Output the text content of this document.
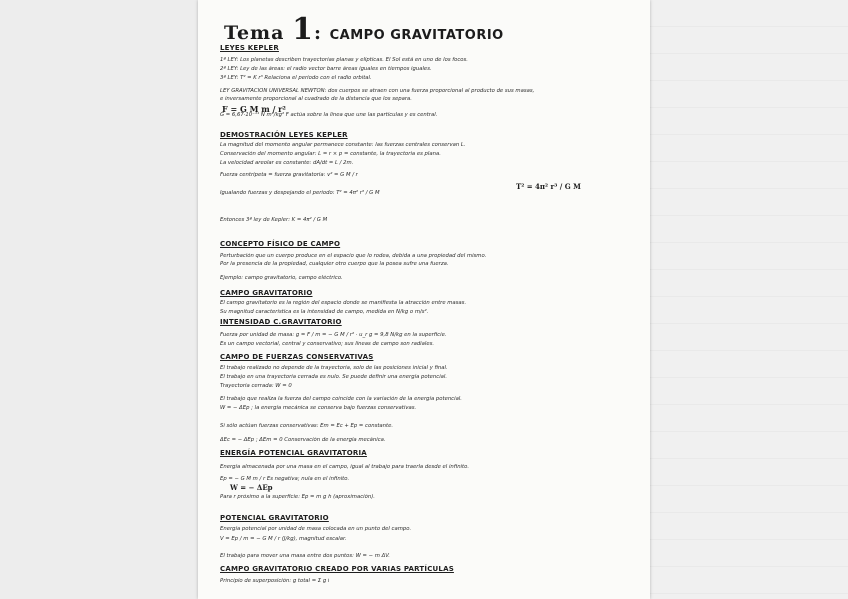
Tema 1: CAMPO GRAVITATORIO
LEYES KEPLER
DEMOSTRACIÓN LEYES KEPLER
CONCEPTO FÍSICO DE CAMPO
CAMPO GRAVITATORIO
INTENSIDAD C.GRAVITATORIO
CAMPO DE FUERZAS CONSERVATIVAS
ENERGÍA POTENCIAL GRAVITATORIA
POTENCIAL GRAVITATORIO
CAMPO GRAVITATORIO CREADO POR VARIAS PARTÍCULAS
1ª LEY: Los planetas describen trayectorias planas y elípticas. El Sol está en uno de los focos.
2ª LEY: Ley de las áreas: el radio vector barre áreas iguales en tiempos iguales.
3ª LEY: T² = K r³ Relaciona el periodo con el radio orbital.
LEY GRAVITACIÓN UNIVERSAL NEWTON: dos cuerpos se atraen con una fuerza proporcional al producto de sus masas,
e inversamente proporcional al cuadrado de la distancia que los separa.
G = 6,67·10⁻¹¹ N m²/kg² F actúa sobre la línea que une las partículas y es central.
La magnitud del momento angular permanece constante: las fuerzas centrales conservan L.
Conservación del momento angular: L = r × p = constante, la trayectoria es plana.
La velocidad areolar es constante: dA/dt = L / 2m.
Fuerza centrípeta = fuerza gravitatoria: v² = G M / r
Igualando fuerzas y despejando el periodo: T² = 4π² r³ / G M
Entonces 3ª ley de Kepler: K = 4π² / G M
Perturbación que un cuerpo produce en el espacio que lo rodea, debida a una propiedad del mismo.
Por la presencia de la propiedad, cualquier otro cuerpo que la posea sufre una fuerza.
Ejemplo: campo gravitatorio, campo eléctrico.
El campo gravitatorio es la región del espacio donde se manifiesta la atracción entre masas.
Su magnitud característica es la intensidad de campo, medida en N/kg o m/s².
Fuerza por unidad de masa: g = F / m = − G M / r² · u_r g = 9,8 N/kg en la superficie.
Es un campo vectorial, central y conservativo; sus líneas de campo son radiales.
El trabajo realizado no depende de la trayectoria, solo de las posiciones inicial y final.
El trabajo en una trayectoria cerrada es nulo. Se puede definir una energía potencial.
Trayectoria cerrada: W = 0
El trabajo que realiza la fuerza del campo coincide con la variación de la energía potencial.
W = − ΔEp ; la energía mecánica se conserva bajo fuerzas conservativas.
Si sólo actúan fuerzas conservativas: Em = Ec + Ep = constante.
ΔEc = − ΔEp ; ΔEm = 0 Conservación de la energía mecánica.
Energía almacenada por una masa en el campo, igual al trabajo para traerla desde el infinito.
Ep = − G M m / r Es negativa; nula en el infinito.
Para r próximo a la superficie: Ep = m g h (aproximación).
Energía potencial por unidad de masa colocada en un punto del campo.
V = Ep / m = − G M / r (J/kg), magnitud escalar.
El trabajo para mover una masa entre dos puntos: W = − m ΔV.
Principio de superposición: g total = Σ g i
F = G M m / r²
T² = 4π² r³ / G M
W = − ΔEp
